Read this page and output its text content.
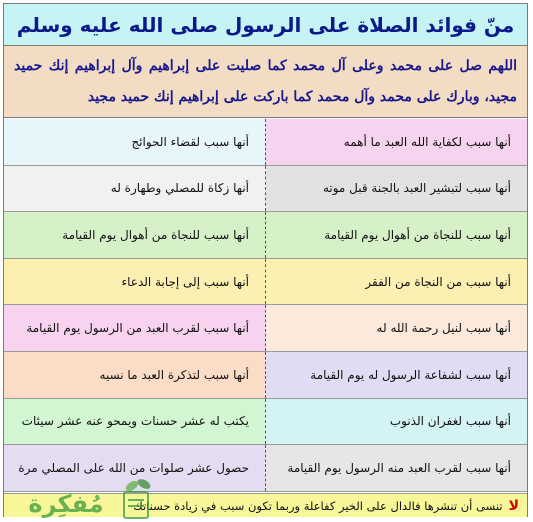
منّ فوائد الصلاة على الرسول صلى الله عليه وسلم
اللهم صل على محمد وعلى آل محمد كما صليت على إبراهيم وآل إبراهيم إنك حميد مجيد، وبارك على محمد وآل محمد كما باركت على إبراهيم إنك حميد مجيد
أنها سبب لقضاء الحوائج	أنها سبب لكفاية الله العبد ما أهمه
أنها زكاة للمصلي وطهارة له	أنها سبب لتبشير العبد بالجنة قبل موته
أنها سبب للنجاة من أهوال يوم القيامة	أنها سبب للنجاة من أهوال يوم القيامة
أنها سبب إلى إجابة الدعاء	أنها سبب من النجاة من الفقر
أنها سبب لقرب العبد من الرسول يوم القيامة	أنها سبب لنيل رحمة الله له
أنها سبب لتذكرة العبد ما نسيه	أنها سبب لشفاعة الرسول له يوم القيامة
يكتب له عشر حسنات ويمحو عنه عشر سيئات	أنها سبب لغفران الذنوب
حصول عشر صلوات من الله على المصلي مرة	أنها سبب لقرب العبد منه الرسول يوم القيامة
لا
تنسى أن تنشرها فالدال على الخير كفاعلة وربما تكون سبب في زيادة حسناتك
مُفكِرة
